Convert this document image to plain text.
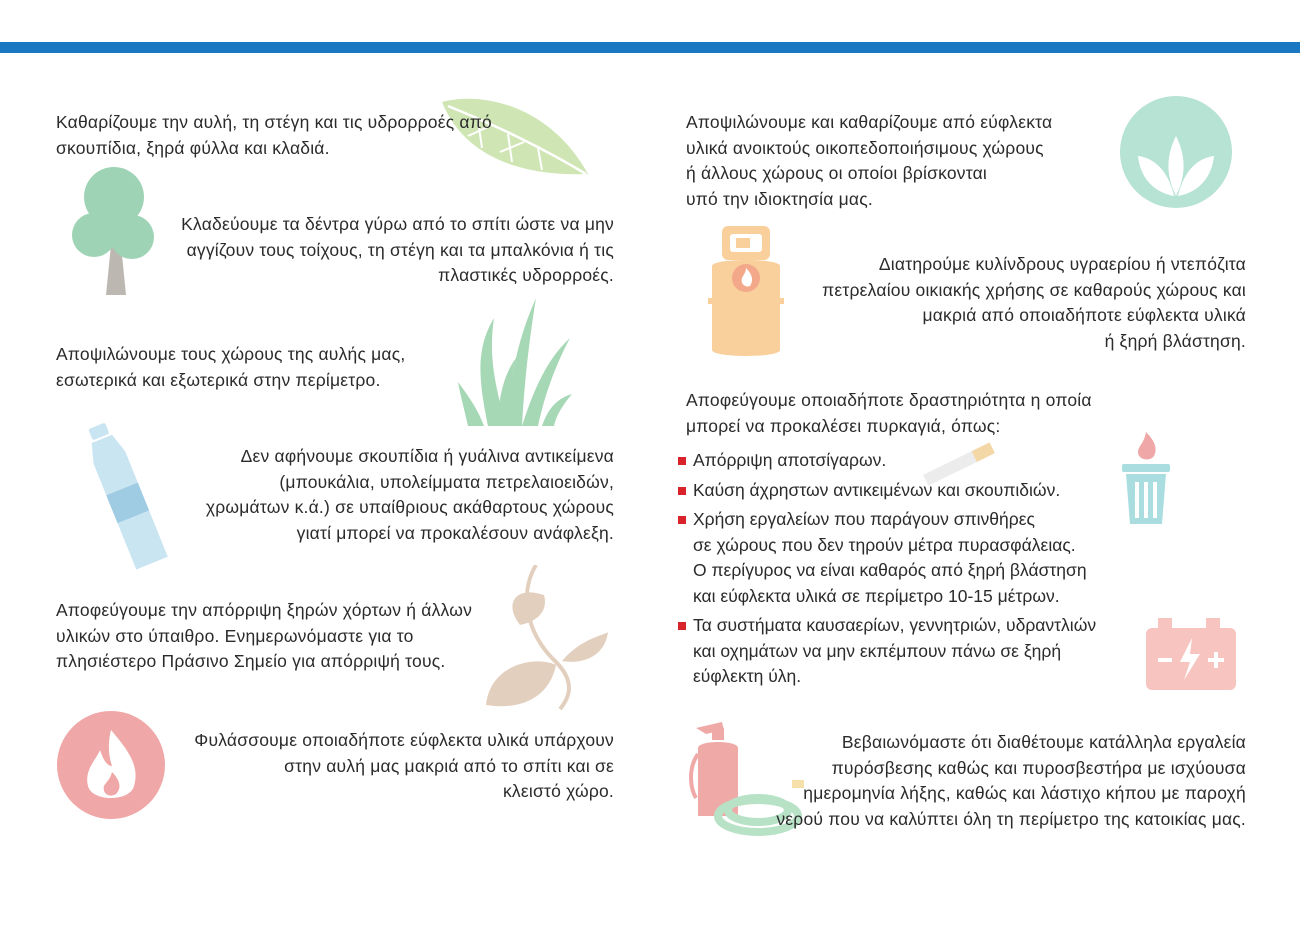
Καθαρίζουμε την αυλή, τη στέγη και τις υδρορροές από
σκουπίδια, ξηρά φύλλα και κλαδιά.
Κλαδεύουμε τα δέντρα γύρω από το σπίτι ώστε να μην
αγγίζουν τους τοίχους, τη στέγη και τα μπαλκόνια ή τις
πλαστικές υδρορροές.
Αποψιλώνουμε τους χώρους της αυλής μας,
εσωτερικά και εξωτερικά στην περίμετρο.
Δεν αφήνουμε σκουπίδια ή γυάλινα αντικείμενα
(μπουκάλια, υπολείμματα πετρελαιοειδών,
χρωμάτων κ.ά.) σε υπαίθριους ακάθαρτους χώρους
γιατί μπορεί να προκαλέσουν ανάφλεξη.
Αποφεύγουμε την απόρριψη ξηρών χόρτων ή άλλων
υλικών στο ύπαιθρο. Ενημερωνόμαστε για το
πλησιέστερο Πράσινο Σημείο για απόρριψή τους.
Φυλάσσουμε οποιαδήποτε εύφλεκτα υλικά υπάρχουν
στην αυλή μας μακριά από το σπίτι και σε
κλειστό χώρο.
Αποψιλώνουμε και καθαρίζουμε από εύφλεκτα
υλικά ανοικτούς οικοπεδοποιήσιμους χώρους
ή άλλους χώρους οι οποίοι βρίσκονται
υπό την ιδιοκτησία μας.
Διατηρούμε κυλίνδρους υγραερίου ή ντεπόζιτα
πετρελαίου οικιακής χρήσης σε καθαρούς χώρους και
μακριά από οποιαδήποτε εύφλεκτα υλικά
ή ξηρή βλάστηση.
Αποφεύγουμε οποιαδήποτε δραστηριότητα η οποία
μπορεί να προκαλέσει πυρκαγιά, όπως:
Απόρριψη αποτσίγαρων.
Καύση άχρηστων αντικειμένων και σκουπιδιών.
Χρήση εργαλείων που παράγουν σπινθήρες
σε χώρους που δεν τηρούν μέτρα πυρασφάλειας.
Ο περίγυρος να είναι καθαρός από ξηρή βλάστηση
και εύφλεκτα υλικά σε περίμετρο 10-15 μέτρων.
Τα συστήματα καυσαερίων, γεννητριών, υδραντλιών
και οχημάτων να μην εκπέμπουν πάνω σε ξηρή
εύφλεκτη ύλη.
Βεβαιωνόμαστε ότι διαθέτουμε κατάλληλα εργαλεία
πυρόσβεσης καθώς και πυροσβεστήρα με ισχύουσα
ημερομηνία λήξης, καθώς και λάστιχο κήπου με παροχή
νερού που να καλύπτει όλη τη περίμετρο της κατοικίας μας.
